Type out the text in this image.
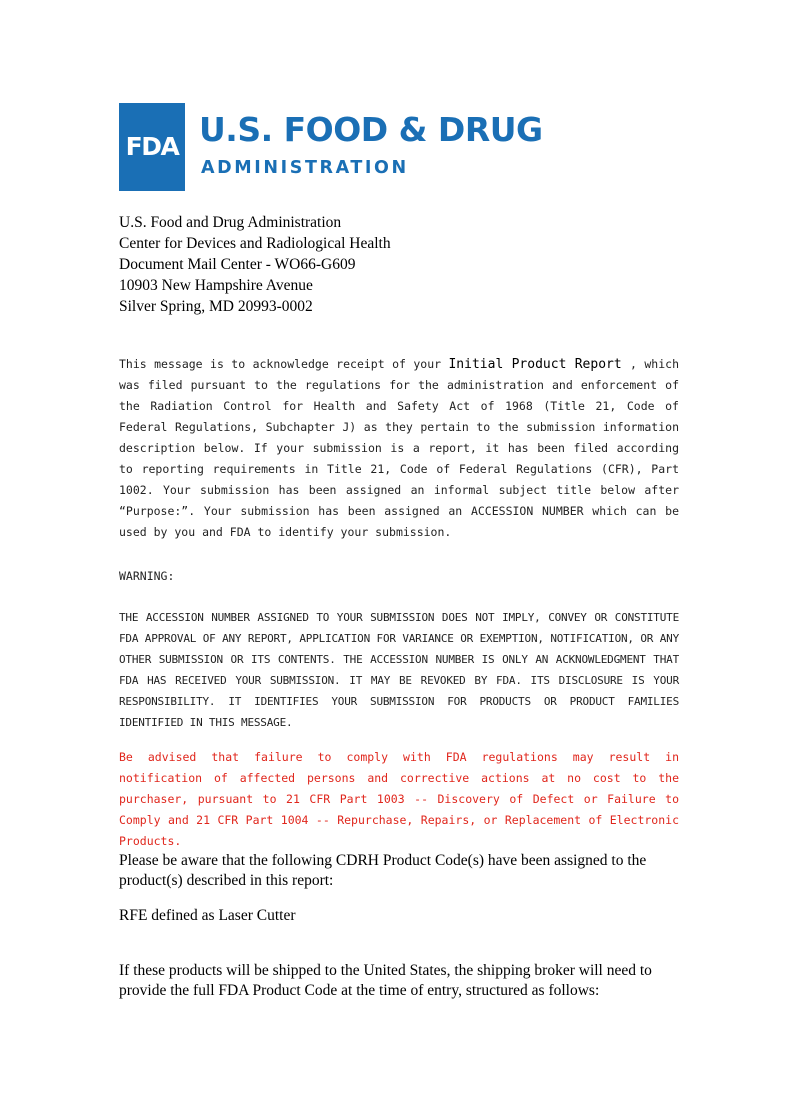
FDA U.S. FOOD & DRUG
ADMINISTRATION
U.S. Food and Drug Administration
Center for Devices and Radiological Health
Document Mail Center - WO66-G609
10903 New Hampshire Avenue
Silver Spring, MD 20993-0002
This message is to acknowledge receipt of your Initial Product Report , which was filed pursuant to the regulations for the administration and enforcement of the Radiation Control for Health and Safety Act of 1968 (Title 21, Code of Federal Regulations, Subchapter J) as they pertain to the submission information description below. If your submission is a report, it has been filed according to reporting requirements in Title 21, Code of Federal Regulations (CFR), Part 1002. Your submission has been assigned an informal subject title below after “Purpose:”. Your submission has been assigned an ACCESSION NUMBER which can be used by you and FDA to identify your submission.
WARNING:
THE ACCESSION NUMBER ASSIGNED TO YOUR SUBMISSION DOES NOT IMPLY, CONVEY OR CONSTITUTE FDA APPROVAL OF ANY REPORT, APPLICATION FOR VARIANCE OR EXEMPTION, NOTIFICATION, OR ANY OTHER SUBMISSION OR ITS CONTENTS. THE ACCESSION NUMBER IS ONLY AN ACKNOWLEDGMENT THAT FDA HAS RECEIVED YOUR SUBMISSION. IT MAY BE REVOKED BY FDA. ITS DISCLOSURE IS YOUR RESPONSIBILITY. IT IDENTIFIES YOUR SUBMISSION FOR PRODUCTS OR PRODUCT FAMILIES IDENTIFIED IN THIS MESSAGE.
Be advised that failure to comply with FDA regulations may result in notification of affected persons and corrective actions at no cost to the purchaser, pursuant to 21 CFR Part 1003 -- Discovery of Defect or Failure to Comply and 21 CFR Part 1004 -- Repurchase, Repairs, or Replacement of Electronic Products.
Please be aware that the following CDRH Product Code(s) have been assigned to the product(s) described in this report:
RFE defined as Laser Cutter
If these products will be shipped to the United States, the shipping broker will need to provide the full FDA Product Code at the time of entry, structured as follows:
